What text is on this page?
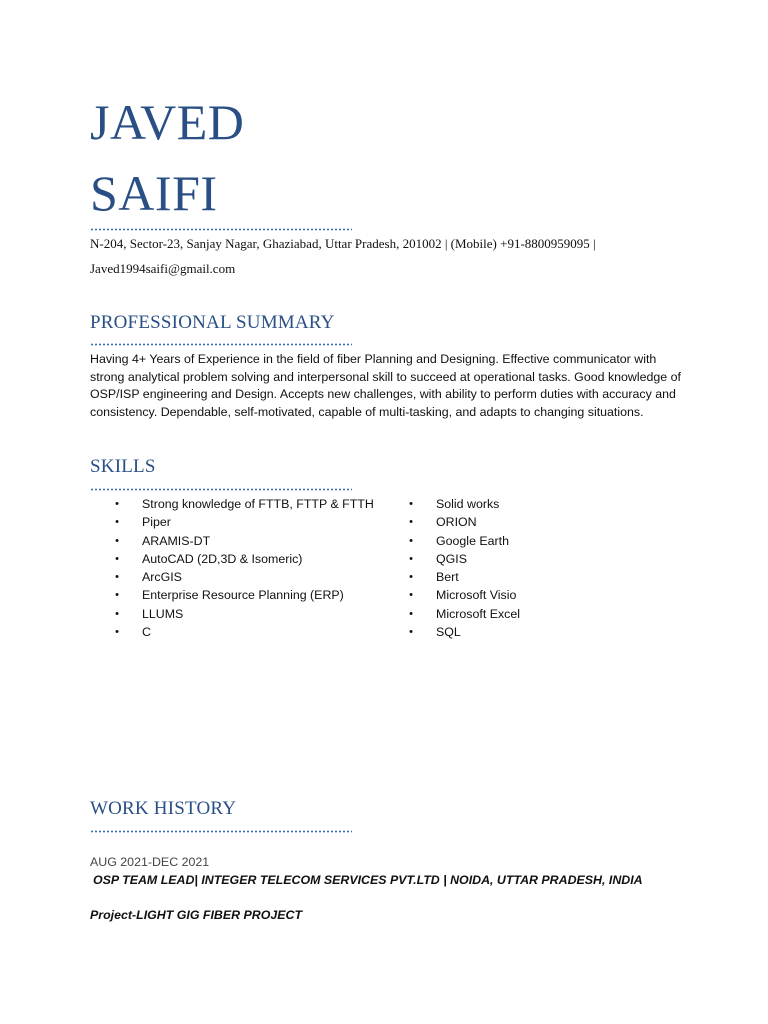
JAVED
SAIFI
N-204, Sector-23, Sanjay Nagar, Ghaziabad, Uttar Pradesh, 201002 | (Mobile) +91-8800959095 |
Javed1994saifi@gmail.com
PROFESSIONAL SUMMARY

Having 4+ Years of Experience in the field of fiber Planning and Designing. Effective communicator with strong analytical problem solving and interpersonal skill to succeed at operational tasks. Good knowledge of OSP/ISP engineering and Design. Accepts new challenges, with ability to perform duties with accuracy and consistency. Dependable, self-motivated, capable of multi-tasking, and adapts to changing situations.

SKILLS
• Strong knowledge of FTTB, FTTP & FTTH
• Piper
• ARAMIS-DT
• AutoCAD (2D,3D & Isomeric)
• ArcGIS
• Enterprise Resource Planning (ERP)
• LLUMS
• C
• Solid works
• ORION
• Google Earth
• QGIS
• Bert
• Microsoft Visio
• Microsoft Excel
• SQL
WORK HISTORY
AUG 2021-DEC 2021
OSP TEAM LEAD| INTEGER TELECOM SERVICES PVT.LTD | NOIDA, UTTAR PRADESH, INDIA
Project-LIGHT GIG FIBER PROJECT
